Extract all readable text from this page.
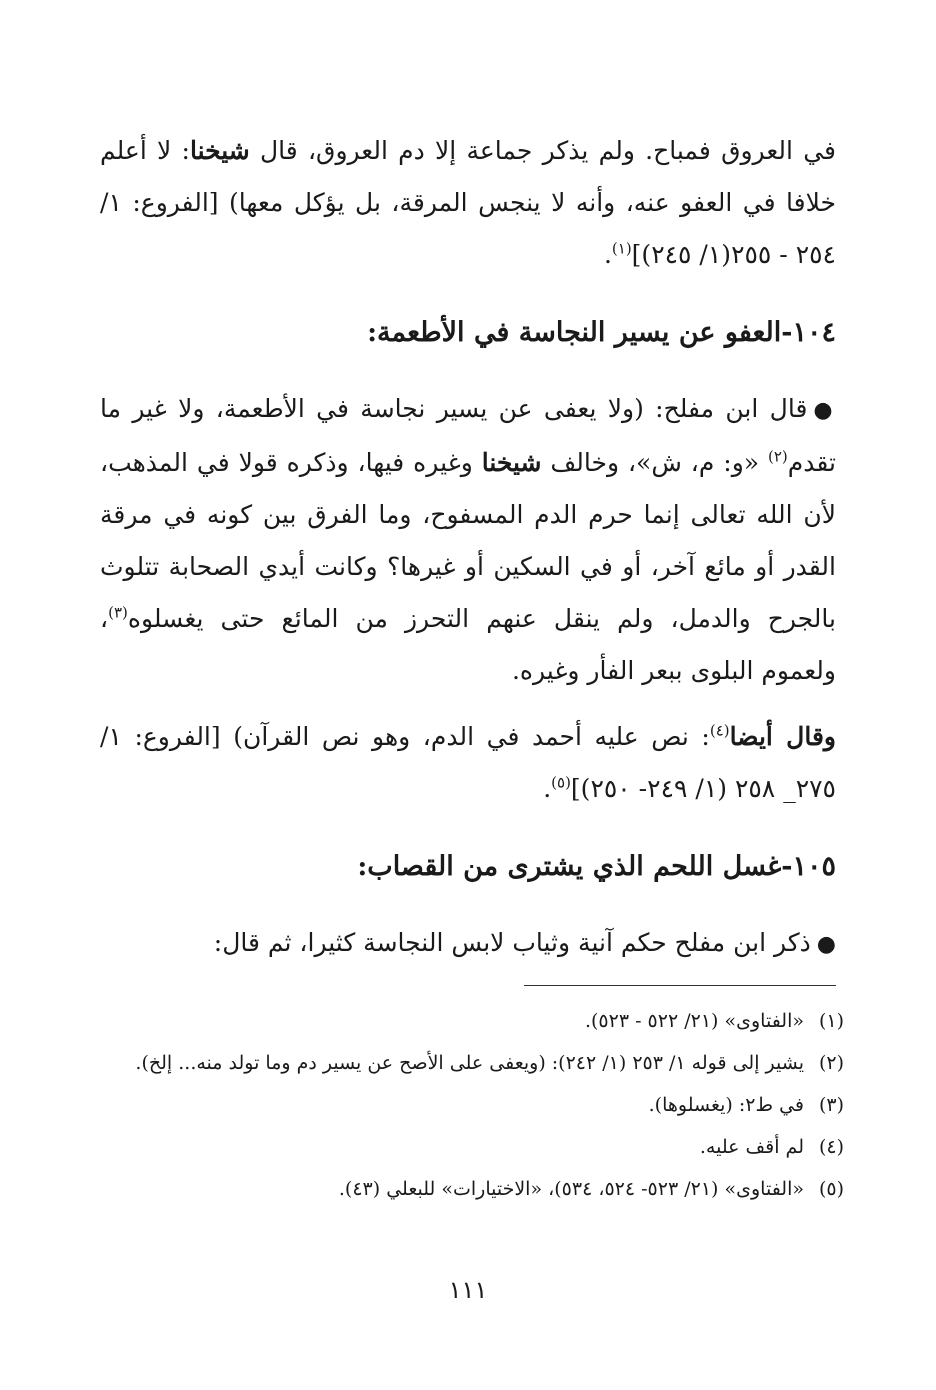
في العروق فمباح. ولم يذكر جماعة إلا دم العروق، قال شيخنا: لا أعلم خلافا في العفو عنه، وأنه لا ينجس المرقة، بل يؤكل معها) [الفروع: ١/ ٢٥٤ - ٢٥٥(١/ ٢٤٥)]$^{(١)}$.

١٠٤-العفو عن يسير النجاسة في الأطعمة:

●قال ابن مفلح: (ولا يعفى عن يسير نجاسة في الأطعمة، ولا غير ما تقدم$^{(٢)}$ «و: م، ش»، وخالف شيخنا وغيره فيها، وذكره قولا في المذهب، لأن الله تعالى إنما حرم الدم المسفوح، وما الفرق بين كونه في مرقة القدر أو مائع آخر، أو في السكين أو غيرها؟ وكانت أيدي الصحابة تتلوث بالجرح والدمل، ولم ينقل عنهم التحرز من المائع حتى يغسلوه$^{(٣)}$، ولعموم البلوى ببعر الفأر وغيره.

وقال أيضا$^{(٤)}$: نص عليه أحمد في الدم، وهو نص القرآن) [الفروع: ١/ ٢٧٥_ ٢٥٨ (١/ ٢٤٩- ٢٥٠)]$^{(٥)}$.

١٠٥-غسل اللحم الذي يشترى من القصاب:

●ذكر ابن مفلح حكم آنية وثياب لابس النجاسة كثيرا، ثم قال:

(١)
«الفتاوى» (٢١/ ٥٢٢ - ٥٢٣).
(٢)
يشير إلى قوله ١/ ٢٥٣ (١/ ٢٤٢): (ويعفى على الأصح عن يسير دم وما تولد منه... إلخ).
(٣)
في ط٢: (يغسلوها).
(٤)
لم أقف عليه.
(٥)
«الفتاوى» (٢١/ ٥٢٣- ٥٢٤، ٥٣٤)، «الاختيارات» للبعلي (٤٣).
١١١
